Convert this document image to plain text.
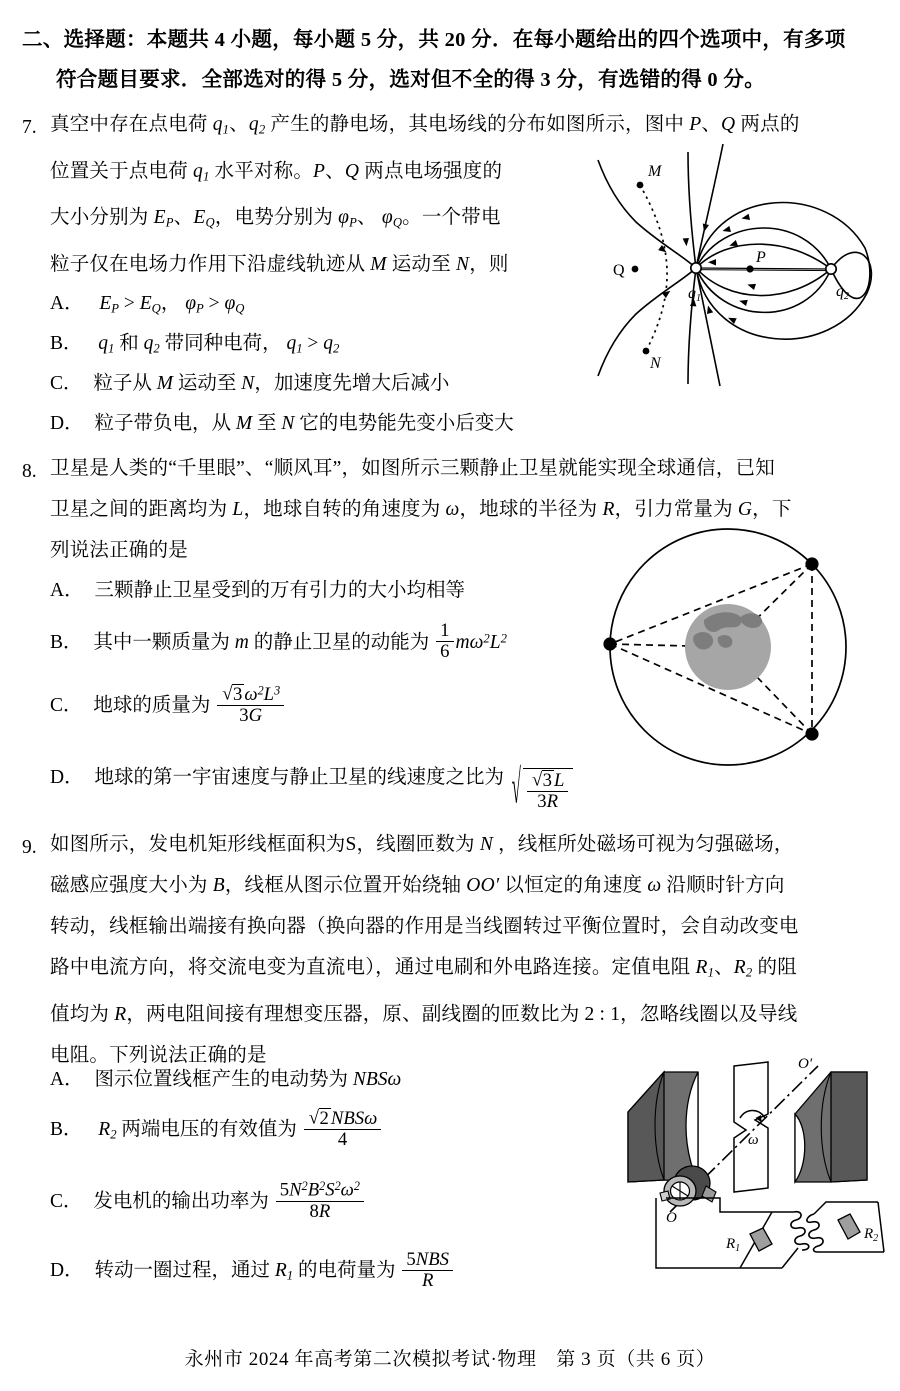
二、选择题：本题共 4 小题，每小题 5 分，共 20 分．在每小题给出的四个选项中，有多项
符合题目要求．全部选对的得 5 分，选对但不全的得 3 分，有选错的得 0 分。
7. 真空中存在点电荷 $q_1$、$q_2$ 产生的静电场，其电场线的分布如图所示，图中 P、Q 两点的
位置关于点电荷 $q_1$ 水平对称。P、Q 两点电场强度的
大小分别为 $E_P$、$E_Q$，电势分别为 $\varphi_P$、 $\varphi_Q$。一个带电
粒子仅在电场力作用下沿虚线轨迹从 M 运动至 N，则
A． $E_P > E_Q$， $\varphi_P > \varphi_Q$
B． $q_1$ 和 $q_2$ 带同种电荷， $q_1 > q_2$
C． 粒子从 M 运动至 N，加速度先增大后减小
D． 粒子带负电，从 M 至 N 它的电势能先变小后变大
M
N
Q
P
q1	q2
8. 卫星是人类的“千里眼”、“顺风耳”，如图所示三颗静止卫星就能实现全球通信，已知
卫星之间的距离均为 L，地球自转的角速度为 ω，地球的半径为 R，引力常量为 G，下
列说法正确的是
A． 三颗静止卫星受到的万有引力的大小均相等
B． 其中一颗质量为 m 的静止卫星的动能为 $\frac{1}{6} m\omega^2L^2$
C． 地球的质量为 $\frac{√ 3 \omega^2L^3}{3G}$
D． 地球的第一宇宙速度与静止卫星的线速度之比为 √ $\frac{√ 3 L}{3R}$
9. 如图所示，发电机矩形线框面积为S，线圈匝数为 N ，线框所处磁场可视为匀强磁场，
磁感应强度大小为 B，线框从图示位置开始绕轴 OO′ 以恒定的角速度 ω 沿顺时针方向
转动，线框输出端接有换向器（换向器的作用是当线圈转过平衡位置时，会自动改变电
路中电流方向，将交流电变为直流电），通过电刷和外电路连接。定值电阻 $R_1$、$R_2$ 的阻
值均为 R，两电阻间接有理想变压器，原、副线圈的匝数比为 2 : 1，忽略线圈以及导线
电阻。下列说法正确的是
A． 图示位置线框产生的电动势为 NBSω
B． $R_2$ 两端电压的有效值为 $\frac{\text{√ 2 NBSω}}{4}$
C． 发电机的输出功率为 $\frac{5N^2B^2S^2\omega^2}{8R}$
D． 转动一圈过程，通过 $R_1$ 的电荷量为 $\frac{\text{5NBS}}{R}$
ω
O
O′
$R_1$
$R_2$
永州市 2024 年高考第二次模拟考试·物理　第 3 页（共 6 页）
